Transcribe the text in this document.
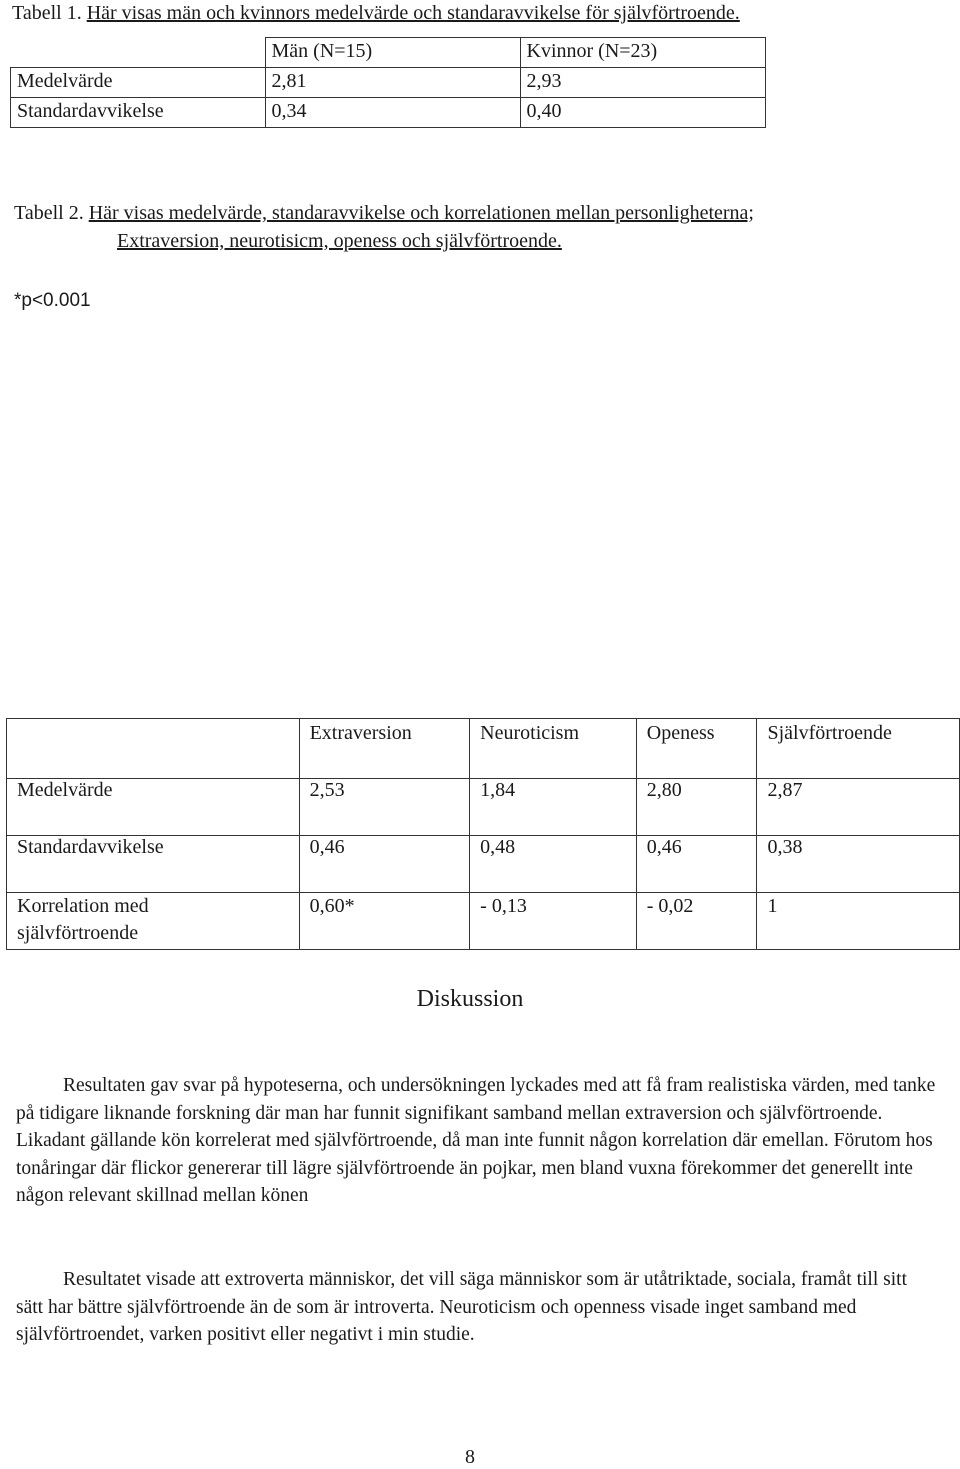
Tabell 1. Här visas män och kvinnors medelvärde och standaravvikelse för självförtroende.
	Män (N=15)	Kvinnor (N=23)
Medelvärde	2,81	2,93
Standardavvikelse	0,34	0,40
Tabell 2. Här visas medelvärde, standaravvikelse och korrelationen mellan personligheterna;
Extraversion, neurotisicm, openess och självförtroende.
*p<0.001
	Extraversion	Neuroticism	Openess	Självförtroende
Medelvärde	2,53	1,84	2,80	2,87
Standardavvikelse	0,46	0,48	0,46	0,38
Korrelation med självförtroende	0,60*	- 0,13	- 0,02	1
Diskussion

Resultaten gav svar på hypoteserna, och undersökningen lyckades med att få fram realistiska värden, med tanke på tidigare liknande forskning där man har funnit signifikant samband mellan extraversion och självförtroende. Likadant gällande kön korrelerat med självförtroende, då man inte funnit någon korrelation där emellan. Förutom hos tonåringar där flickor genererar till lägre självförtroende än pojkar, men bland vuxna förekommer det generellt inte någon relevant skillnad mellan könen

Resultatet visade att extroverta människor, det vill säga människor som är utåtriktade, sociala, framåt till sitt sätt har bättre självförtroende än de som är introverta. Neuroticism och openness visade inget samband med självförtroendet, varken positivt eller negativt i min studie.

8
